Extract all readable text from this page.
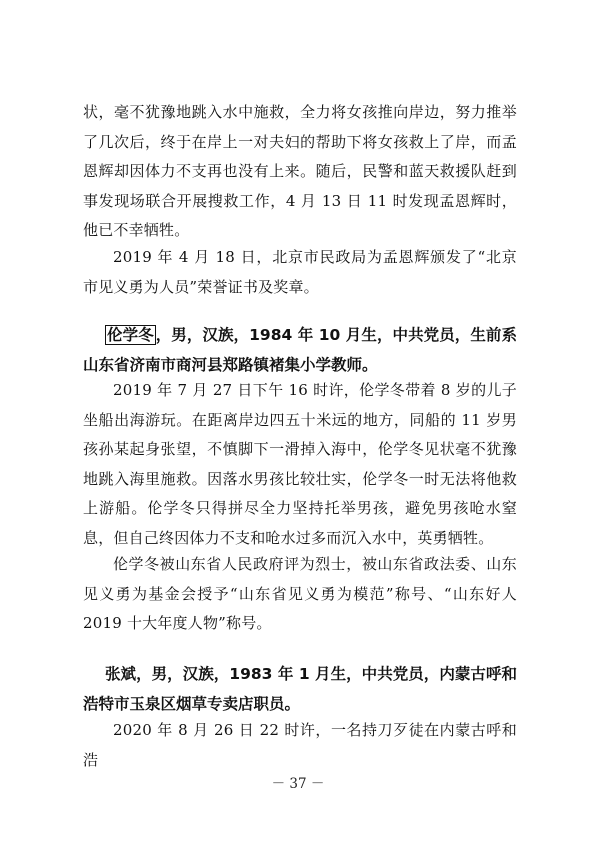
状，毫不犹豫地跳入水中施救，全力将女孩推向岸边，努力推举了几次后，终于在岸上一对夫妇的帮助下将女孩救上了岸，而孟恩辉却因体力不支再也没有上来。随后，民警和蓝天救援队赶到事发现场联合开展搜救工作，4 月 13 日 11 时发现孟恩辉时，他已不幸牺牲。

2019 年 4 月 18 日，北京市民政局为孟恩辉颁发了“北京市见义勇为人员”荣誉证书及奖章。

伦学冬 ，男，汉族，1984 年 10 月生，中共党员，生前系山东省济南市商河县郑路镇褚集小学教师。

2019 年 7 月 27 日下午 16 时许，伦学冬带着 8 岁的儿子坐船出海游玩。在距离岸边四五十米远的地方，同船的 11 岁男孩孙某起身张望，不慎脚下一滑掉入海中，伦学冬见状毫不犹豫地跳入海里施救。因落水男孩比较壮实，伦学冬一时无法将他救上游船。伦学冬只得拼尽全力坚持托举男孩，避免男孩呛水窒息，但自己终因体力不支和呛水过多而沉入水中，英勇牺牲。

伦学冬被山东省人民政府评为烈士，被山东省政法委、山东见义勇为基金会授予“山东省见义勇为模范”称号、“山东好人 2019 十大年度人物”称号。

张斌，男，汉族，1983 年 1 月生，中共党员，内蒙古呼和浩特市玉泉区烟草专卖店职员。

2020 年 8 月 26 日 22 时许，一名持刀歹徒在内蒙古呼和浩

－ 37 －
